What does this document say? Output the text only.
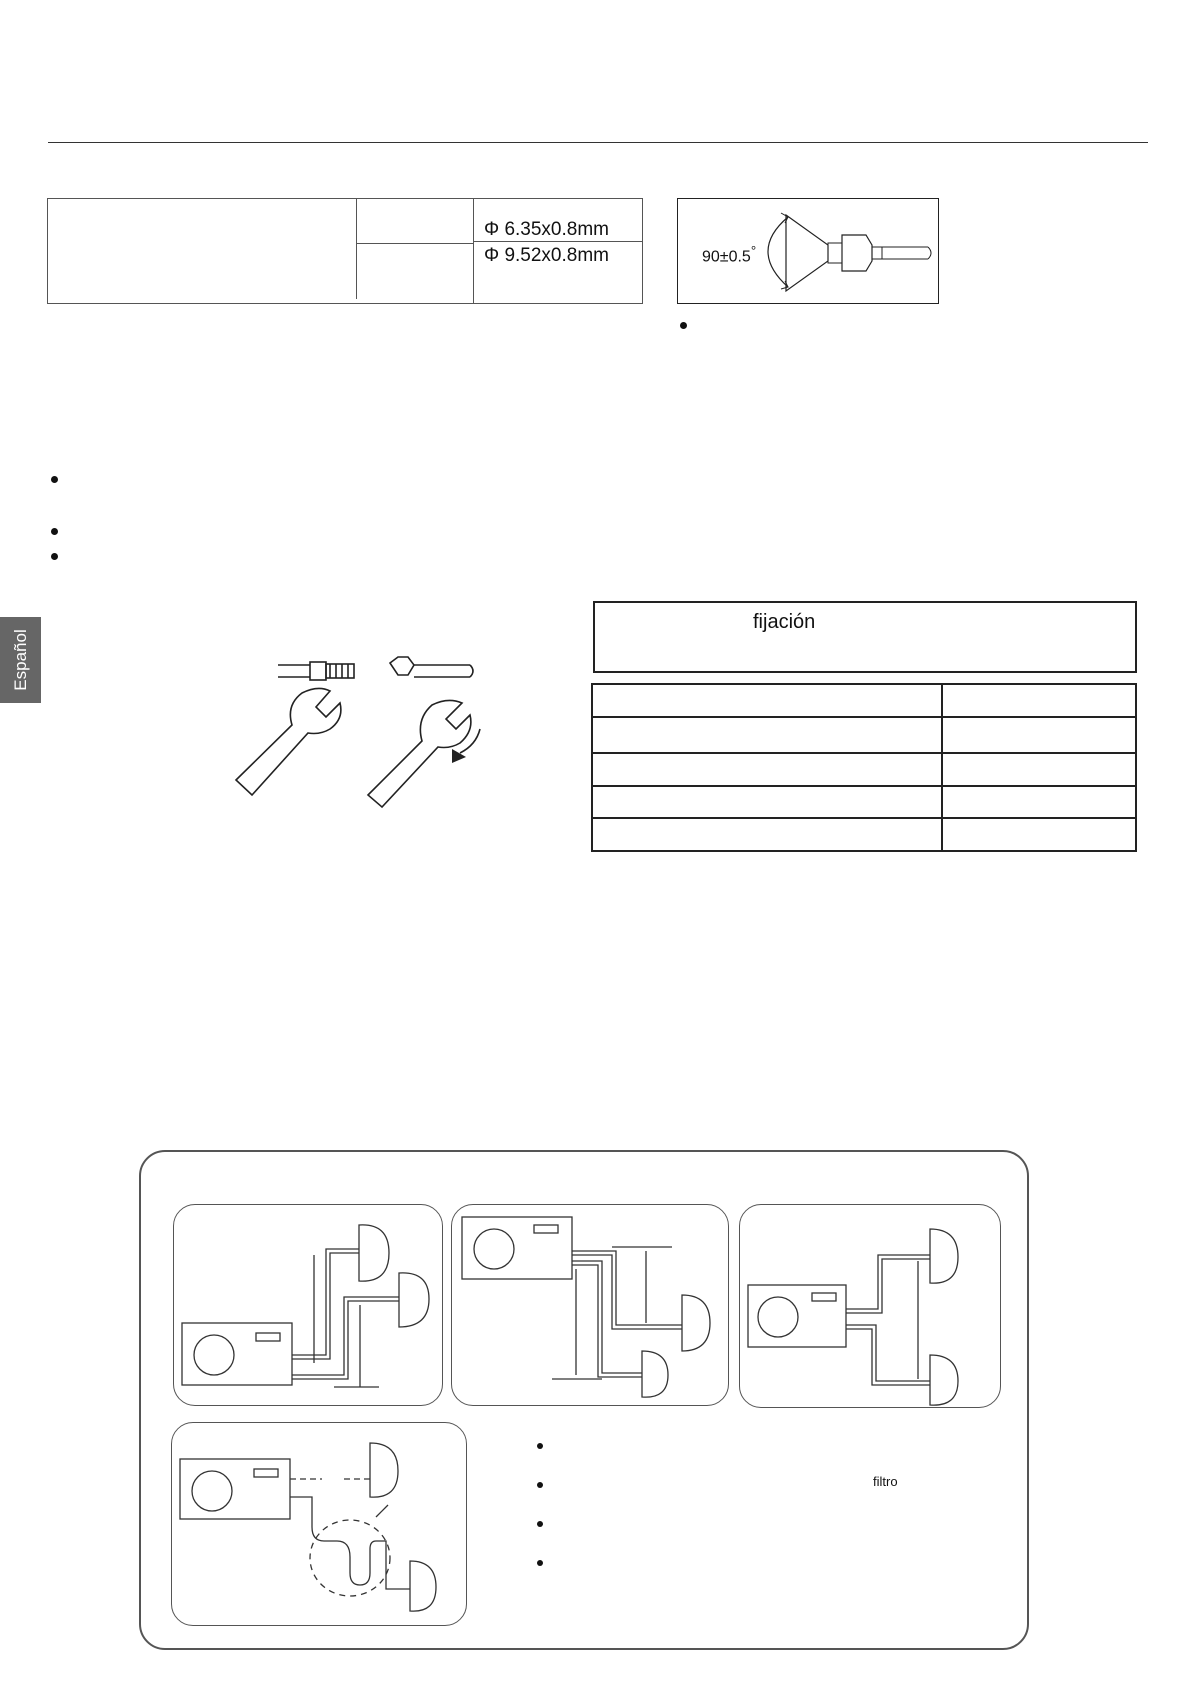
Φ 6.35x0.8mm
Φ 9.52x0.8mm	90±0.5°
Español
fijación
filtro
